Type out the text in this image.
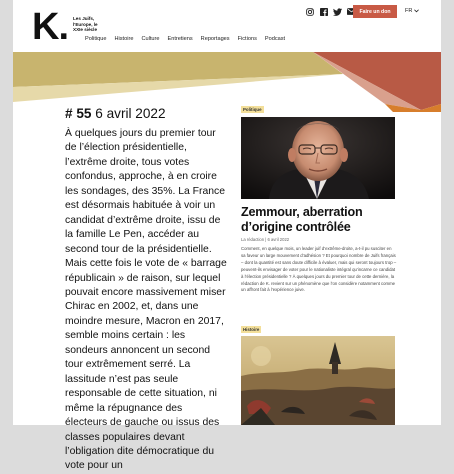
K. Les Juifs, l'Europe, le XXIe siècle
Politique Histoire Culture Entretiens Reportages Fictions Podcast
Faire un don	FR
# 55 6 avril 2022
À quelques jours du premier tour de l’élection présidentielle, l’extrême droite, tous votes confondus, approche, à en croire les sondages, des 35%. La France est désormais habituée à voir un candidat d’extrême droite, issu de la famille Le Pen, accéder au second tour de la présidentielle. Mais cette fois le vote de « barrage républicain » de raison, sur lequel pouvait encore massivement miser Chirac en 2002, et, dans une moindre mesure, Macron en 2017, semble moins certain : les sondeurs annoncent un second tour extrêmement serré. La lassitude n’est pas seule responsable de cette situation, ni même la répugnance des électeurs de gauche ou issus des classes populaires devant l’obligation dite démocratique du vote pour un
Politique
Zemmour, aberration d’origine contrôlée
La rédaction | 6 avril 2022
Comment, en quelque mois, un leader juif d’extrême-droite, a-t-il pu susciter en sa faveur un large mouvement d’adhésion ? Et pourquoi nombre de Juifs français – dont la quantité est sans doute difficile à évaluer, mais qui seront toujours trop – peuvent-ils envisager de voter pour le nationaliste intégral qu’incarne ce candidat à l’élection présidentielle ? À quelques jours du premier tour de cette dernière, la rédaction de K. revient sur un phénomène que l’on considère notamment comme un affront fait à l’expérience juive.
Histoire
